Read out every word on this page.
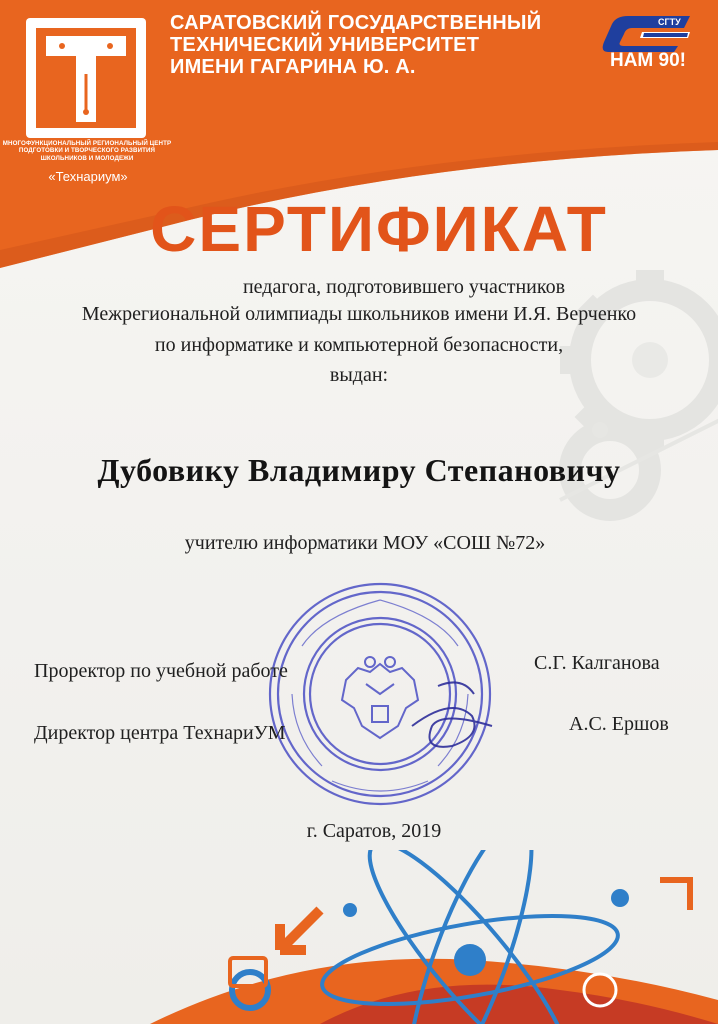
МНОГОФУНКЦИОНАЛЬНЫЙ РЕГИОНАЛЬНЫЙ ЦЕНТР
ПОДГОТОВКИ И ТВОРЧЕСКОГО РАЗВИТИЯ
ШКОЛЬНИКОВ И МОЛОДЕЖИ
«Технариум»
САРАТОВСКИЙ ГОСУДАРСТВЕННЫЙ
ТЕХНИЧЕСКИЙ УНИВЕРСИТЕТ
ИМЕНИ ГАГАРИНА Ю. А.
СГТУ
НАМ 90!
СЕРТИФИКАТ
педагога, подготовившего участников
Межрегиональной олимпиады школьников имени И.Я. Верченко
по информатике и компьютерной безопасности,
выдан:
Дубовику Владимиру Степановичу
учителю информатики МОУ «СОШ №72»
Проректор по учебной работе	С.Г. Калганова
Директор центра ТехнариУМ	А.С. Ершов
г. Саратов, 2019
